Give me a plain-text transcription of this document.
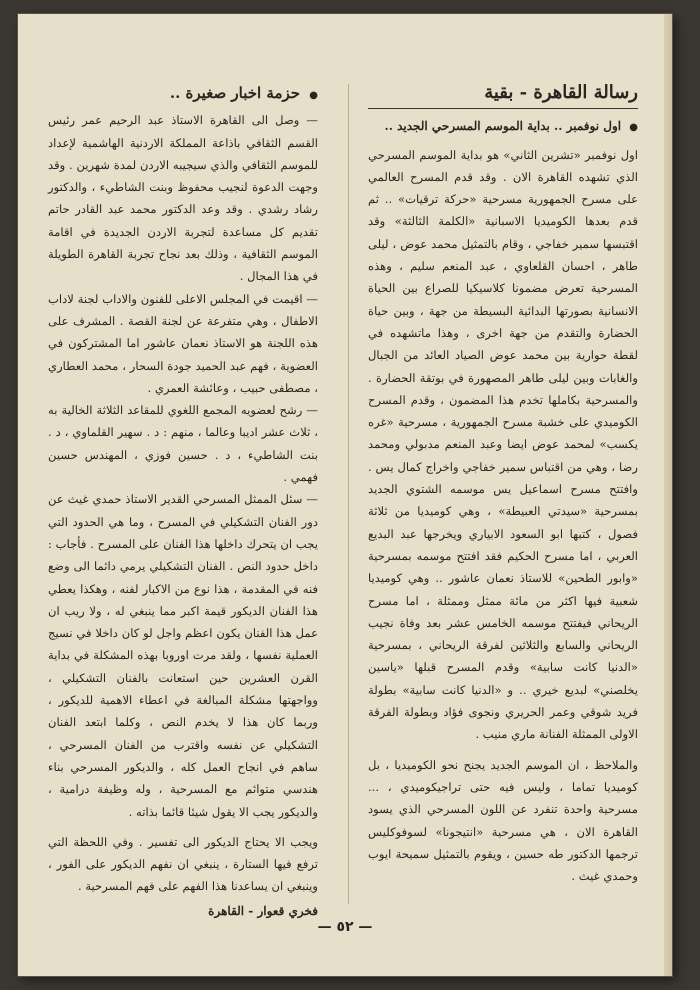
رسالة القاهرة - بقية
● اول نوفمبر .. بداية الموسم المسرحي الجديد ..

اول نوفمبر «تشرين الثاني» هو بداية الموسم المسرحي الذي تشهده القاهرة الان . وقد قدم المسرح العالمي على مسرح الجمهورية مسرحية «حركة ترقيات» .. ثم قدم بعدها الكوميديا الاسبانية «الكلمة الثالثة» وقد اقتبسها سمير خفاجي ، وقام بالتمثيل محمد عوض ، ليلى طاهر ، احسان القلعاوي ، عبد المنعم سليم ، وهذه المسرحية تعرض مضمونا كلاسيكيا للصراع بين الحياة الانسانية بصورتها البدائية البسيطة من جهة ، وبين حياة الحضارة والتقدم من جهة اخرى ، وهذا ماتشهده في لقطة حوارية بين محمد عوض الصياد العائد من الجبال والغابات وبين ليلى طاهر المصهورة في بوتقة الحضارة . والمسرحية بكاملها تخدم هذا المضمون ، وقدم المسرح الكوميدي على خشبة مسرح الجمهورية ، مسرحية «غره يكسب» لمحمد عوض ايضا وعبد المنعم مدبولي ومحمد رضا ، وهي من اقتباس سمير خفاجي واخراج كمال يس . وافتتح مسرح اسماعيل يس موسمه الشتوي الجديد بمسرحية «سيدتي العبيطة» ، وهي كوميديا من ثلاثة فصول ، كتبها ابو السعود الابياري ويخرجها عبد البديع العربي ، اما مسرح الحكيم فقد افتتح موسمه بمسرحية «وابور الطحين» للاستاذ نعمان عاشور .. وهي كوميديا شعبية فيها اكثر من مائة ممثل وممثلة ، اما مسرح الريحاني فيفتتح موسمه الخامس عشر بعد وفاة نجيب الريحاني والسابع والثلاثين لفرقة الريحاني ، بمسرحية «الدنيا كانت سابية» وقدم المسرح قبلها «ياسين يخلصني» لبديع خيري .. و «الدنيا كانت سابية» بطولة فريد شوقي وعمر الحريري ونجوى فؤاد وبطولة الفرقة الاولى الممثلة الفنانة ماري منيب .

والملاحظ ، ان الموسم الجديد يجنح نحو الكوميديا ، بل كوميديا تماما ، وليس فيه حتى تراجيكوميدي ، ... مسرحية واحدة تنفرد عن اللون المسرحي الذي يسود القاهرة الان ، هي مسرحية «انتيجونا» لسوفوكليس ترجمها الدكتور طه حسين ، ويقوم بالتمثيل سميحة ايوب وحمدي غيث .

● حزمة اخبار صغيرة ..

— وصل الى القاهرة الاستاذ عبد الرحيم عمر رئيس القسم الثقافي باذاعة المملكة الاردنية الهاشمية لإعداد للموسم الثقافي والذي سيجيبه الاردن لمدة شهرين . وقد وجهت الدعوة لنجيب محفوظ وبنت الشاطيء ، والدكتور رشاد رشدي . وقد وعد الدكتور محمد عبد القادر حاتم تقديم كل مساعدة لتجربة الاردن الجديدة في اقامة الموسم الثقافية ، وذلك بعد نجاح تجربة القاهرة الطويلة في هذا المجال .

— اقيمت في المجلس الاعلى للفنون والاداب لجنة لاداب الاطفال ، وهي متفرعة عن لجنة القصة . المشرف على هذه اللجنة هو الاستاذ نعمان عاشور اما المشتركون في العضوية ، فهم عبد الحميد جودة السحار ، محمد العطاري ، مصطفى حبيب ، وعائشة العمري .

— رشح لعضويه المجمع اللغوي للمقاعد الثلاثة الخالية به ، ثلاث عشر اديبا وعالما ، منهم : د . سهير القلماوي ، د . بنت الشاطيء ، د . حسين فوزي ، المهندس حسين فهمي .

— سئل الممثل المسرحي القدير الاستاذ حمدي غيث عن دور الفنان التشكيلي في المسرح ، وما هي الحدود التي يجب ان يتحرك داخلها هذا الفنان على المسرح . فأجاب : داخل حدود النص . الفنان التشكيلي يرمي دائما الى وضع فنه في المقدمة ، هذا نوع من الاكبار لفنه ، وهكذا يعطي هذا الفنان الديكور قيمة اكبر مما ينبغي له ، ولا ريب ان عمل هذا الفنان يكون اعظم واجل لو كان داخلا في نسيج العملية نفسها ، ولقد مرت اوروبا بهذه المشكلة في بداية القرن العشرين حين استعانت بالفنان التشكيلي ، وواجهتها مشكلة المبالغة في اعطاء الاهمية للديكور ، وربما كان هذا لا يخدم النص ، وكلما ابتعد الفنان التشكيلي عن نفسه واقترب من الفنان المسرحي ، ساهم في انجاح العمل كله ، والديكور المسرحي بناء هندسي متوائم مع المسرحية ، وله وظيفة درامية ، والديكور يجب الا يقول شيئا قائما بذاته .

ويجب الا يحتاج الديكور الى تفسير . وفي اللحظة التي ترفع فيها الستارة ، ينبغي ان نفهم الديكور على الفور ، وينبغي ان يساعدنا هذا الفهم على فهم المسرحية .

فخري قعوار - القاهرة
— ٥٢ —
